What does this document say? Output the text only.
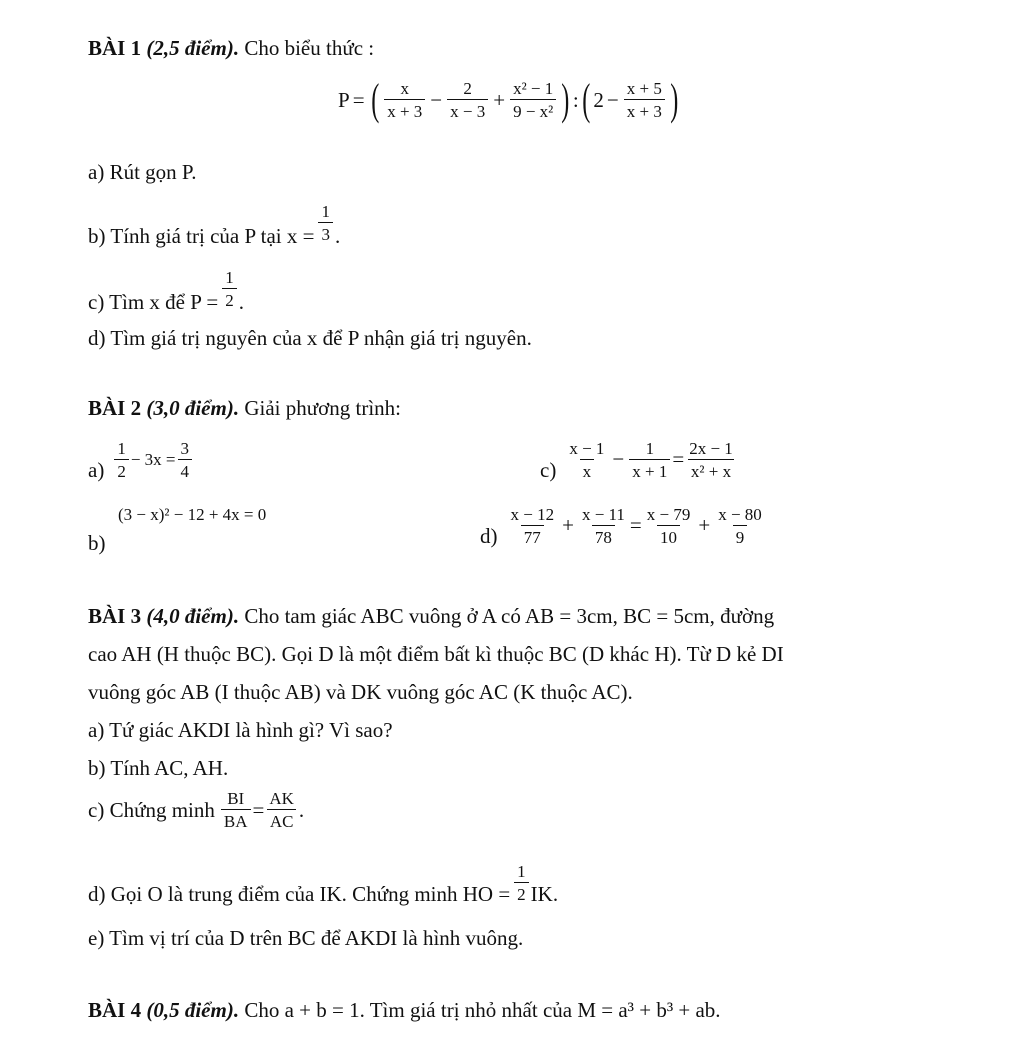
BÀI 1 (2,5 điểm). Cho biểu thức :
P = ( x
$x + 3 - \frac{2}{x - 3} + \frac{\text{x² − 1}}{\text{9 − x²}}$ ) : ( $2 - \frac{x + 5}{x + 3}$ )
a) Rút gọn P.
b) Tính giá trị của P tại $x = \frac{1}{3}$ .
c) Tìm x để $P = \frac{1}{2}$ .
d) Tìm giá trị nguyên của x để P nhận giá trị nguyên.
BÀI 2 (3,0 điểm). Giải phương trình:
a)
1
2
− $3x = \frac{3}{4}$	c)
x − 1
$x - \frac{1}{x + 1} = \frac{2x - 1}{\text{x² + x}}$
b)
(3 − x)² − 12 + 4x = 0
d)
x − 12
$77 + \frac{x - 11}{78} = \frac{x - 79}{10} + \frac{x - 80}{9}$
BÀI 3 (4,0 điểm). Cho tam giác ABC vuông ở A có AB = 3cm, BC = 5cm, đường
cao AH (H thuộc BC). Gọi D là một điểm bất kì thuộc BC (D khác H). Từ D kẻ DI
vuông góc AB (I thuộc AB) và DK vuông góc AC (K thuộc AC).
a) Tứ giác AKDI là hình gì? Vì sao?
b) Tính AC, AH.
c) Chứng minh $\frac{BI}{BA} = \frac{AK}{AC}$ .
d) Gọi O là trung điểm của IK. Chứng minh HO = $\frac{1}{2}$ IK.
e) Tìm vị trí của D trên BC để AKDI là hình vuông.
BÀI 4 (0,5 điểm). Cho a + b = 1. Tìm giá trị nhỏ nhất của M = a³ + b³ + ab.
